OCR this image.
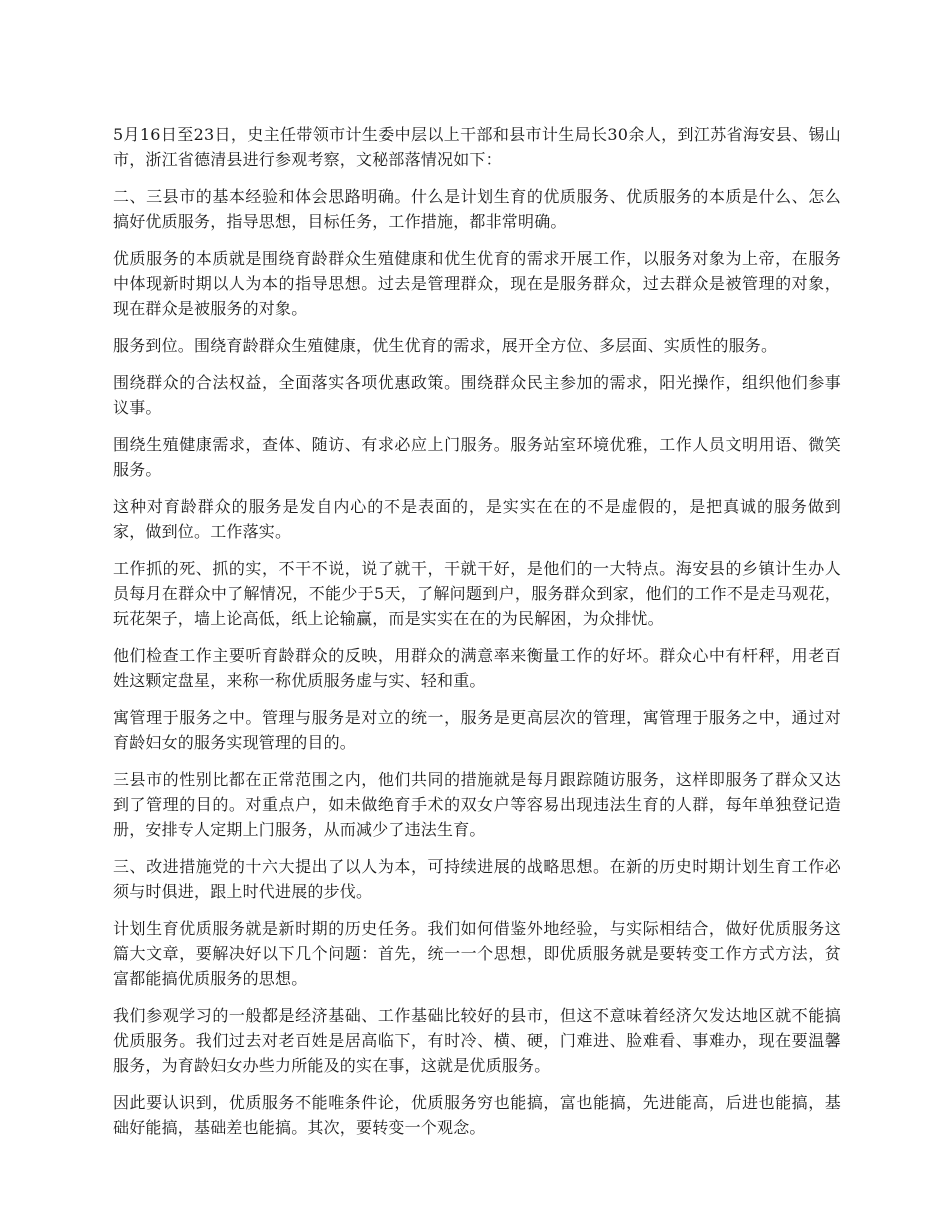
5月16日至23日，史主任带领市计生委中层以上干部和县市计生局长30余人，到江苏省海安县、锡山市，浙江省德清县进行参观考察，文秘部落情况如下：

二、三县市的基本经验和体会思路明确。什么是计划生育的优质服务、优质服务的本质是什么、怎么搞好优质服务，指导思想，目标任务，工作措施，都非常明确。

优质服务的本质就是围绕育龄群众生殖健康和优生优育的需求开展工作，以服务对象为上帝，在服务中体现新时期以人为本的指导思想。过去是管理群众，现在是服务群众，过去群众是被管理的对象，现在群众是被服务的对象。

服务到位。围绕育龄群众生殖健康，优生优育的需求，展开全方位、多层面、实质性的服务。

围绕群众的合法权益，全面落实各项优惠政策。围绕群众民主参加的需求，阳光操作，组织他们参事议事。

围绕生殖健康需求，查体、随访、有求必应上门服务。服务站室环境优雅，工作人员文明用语、微笑服务。

这种对育龄群众的服务是发自内心的不是表面的，是实实在在的不是虚假的，是把真诚的服务做到家，做到位。工作落实。

工作抓的死、抓的实，不干不说，说了就干，干就干好，是他们的一大特点。海安县的乡镇计生办人员每月在群众中了解情况，不能少于5天，了解问题到户，服务群众到家，他们的工作不是走马观花，玩花架子，墙上论高低，纸上论输赢，而是实实在在的为民解困，为众排忧。

他们检查工作主要听育龄群众的反映，用群众的满意率来衡量工作的好坏。群众心中有杆秤，用老百姓这颗定盘星，来称一称优质服务虚与实、轻和重。

寓管理于服务之中。管理与服务是对立的统一，服务是更高层次的管理，寓管理于服务之中，通过对育龄妇女的服务实现管理的目的。

三县市的性别比都在正常范围之内，他们共同的措施就是每月跟踪随访服务，这样即服务了群众又达到了管理的目的。对重点户，如未做绝育手术的双女户等容易出现违法生育的人群，每年单独登记造册，安排专人定期上门服务，从而减少了违法生育。

三、改进措施党的十六大提出了以人为本，可持续进展的战略思想。在新的历史时期计划生育工作必须与时俱进，跟上时代进展的步伐。

计划生育优质服务就是新时期的历史任务。我们如何借鉴外地经验，与实际相结合，做好优质服务这篇大文章，要解决好以下几个问题：首先，统一一个思想，即优质服务就是要转变工作方式方法，贫富都能搞优质服务的思想。

我们参观学习的一般都是经济基础、工作基础比较好的县市，但这不意味着经济欠发达地区就不能搞优质服务。我们过去对老百姓是居高临下，有时冷、横、硬，门难进、脸难看、事难办，现在要温馨服务，为育龄妇女办些力所能及的实在事，这就是优质服务。

因此要认识到，优质服务不能唯条件论，优质服务穷也能搞，富也能搞，先进能高，后进也能搞，基础好能搞，基础差也能搞。其次，要转变一个观念。
